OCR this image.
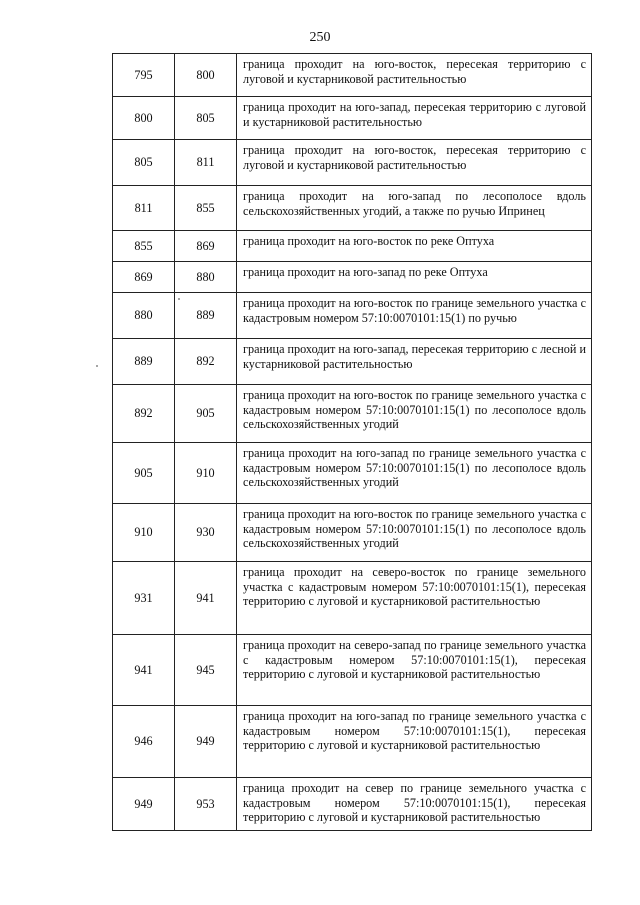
250
795	800	граница проходит на юго-восток, пересекая территорию с луговой и кустарниковой растительностью
800	805	граница проходит на юго-запад, пересекая территорию с луговой и кустарниковой растительностью
805	811	граница проходит на юго-восток, пересекая территорию с луговой и кустарниковой растительностью
811	855	граница проходит на юго-запад по лесополосе вдоль сельскохозяйственных угодий, а также по ручью Ипринец
855	869	граница проходит на юго-восток по реке Оптуха
869	880	граница проходит на юго-запад по реке Оптуха
880	889	граница проходит на юго-восток по границе земельного участка с кадастровым номером 57:10:0070101:15(1) по ручью
889	892	граница проходит на юго-запад, пересекая территорию с лесной и кустарниковой растительностью
892	905	граница проходит на юго-восток по границе земельного участка с кадастровым номером 57:10:0070101:15(1) по лесополосе вдоль сельскохозяйственных угодий
905	910	граница проходит на юго-запад по границе земельного участка с кадастровым номером 57:10:0070101:15(1) по лесополосе вдоль сельскохозяйственных угодий
910	930	граница проходит на юго-восток по границе земельного участка с кадастровым номером 57:10:0070101:15(1) по лесополосе вдоль сельскохозяйственных угодий
931	941	граница проходит на северо-восток по границе земельного участка с кадастровым номером 57:10:0070101:15(1), пересекая территорию с луговой и кустарниковой растительностью
941	945	граница проходит на северо-запад по границе земельного участка с кадастровым номером 57:10:0070101:15(1), пересекая территорию с луговой и кустарниковой растительностью
946	949	граница проходит на юго-запад по границе земельного участка с кадастровым номером 57:10:0070101:15(1), пересекая территорию с луговой и кустарниковой растительностью
949	953	граница проходит на север по границе земельного участка с кадастровым номером 57:10:0070101:15(1), пересекая территорию с луговой и кустарниковой растительностью
